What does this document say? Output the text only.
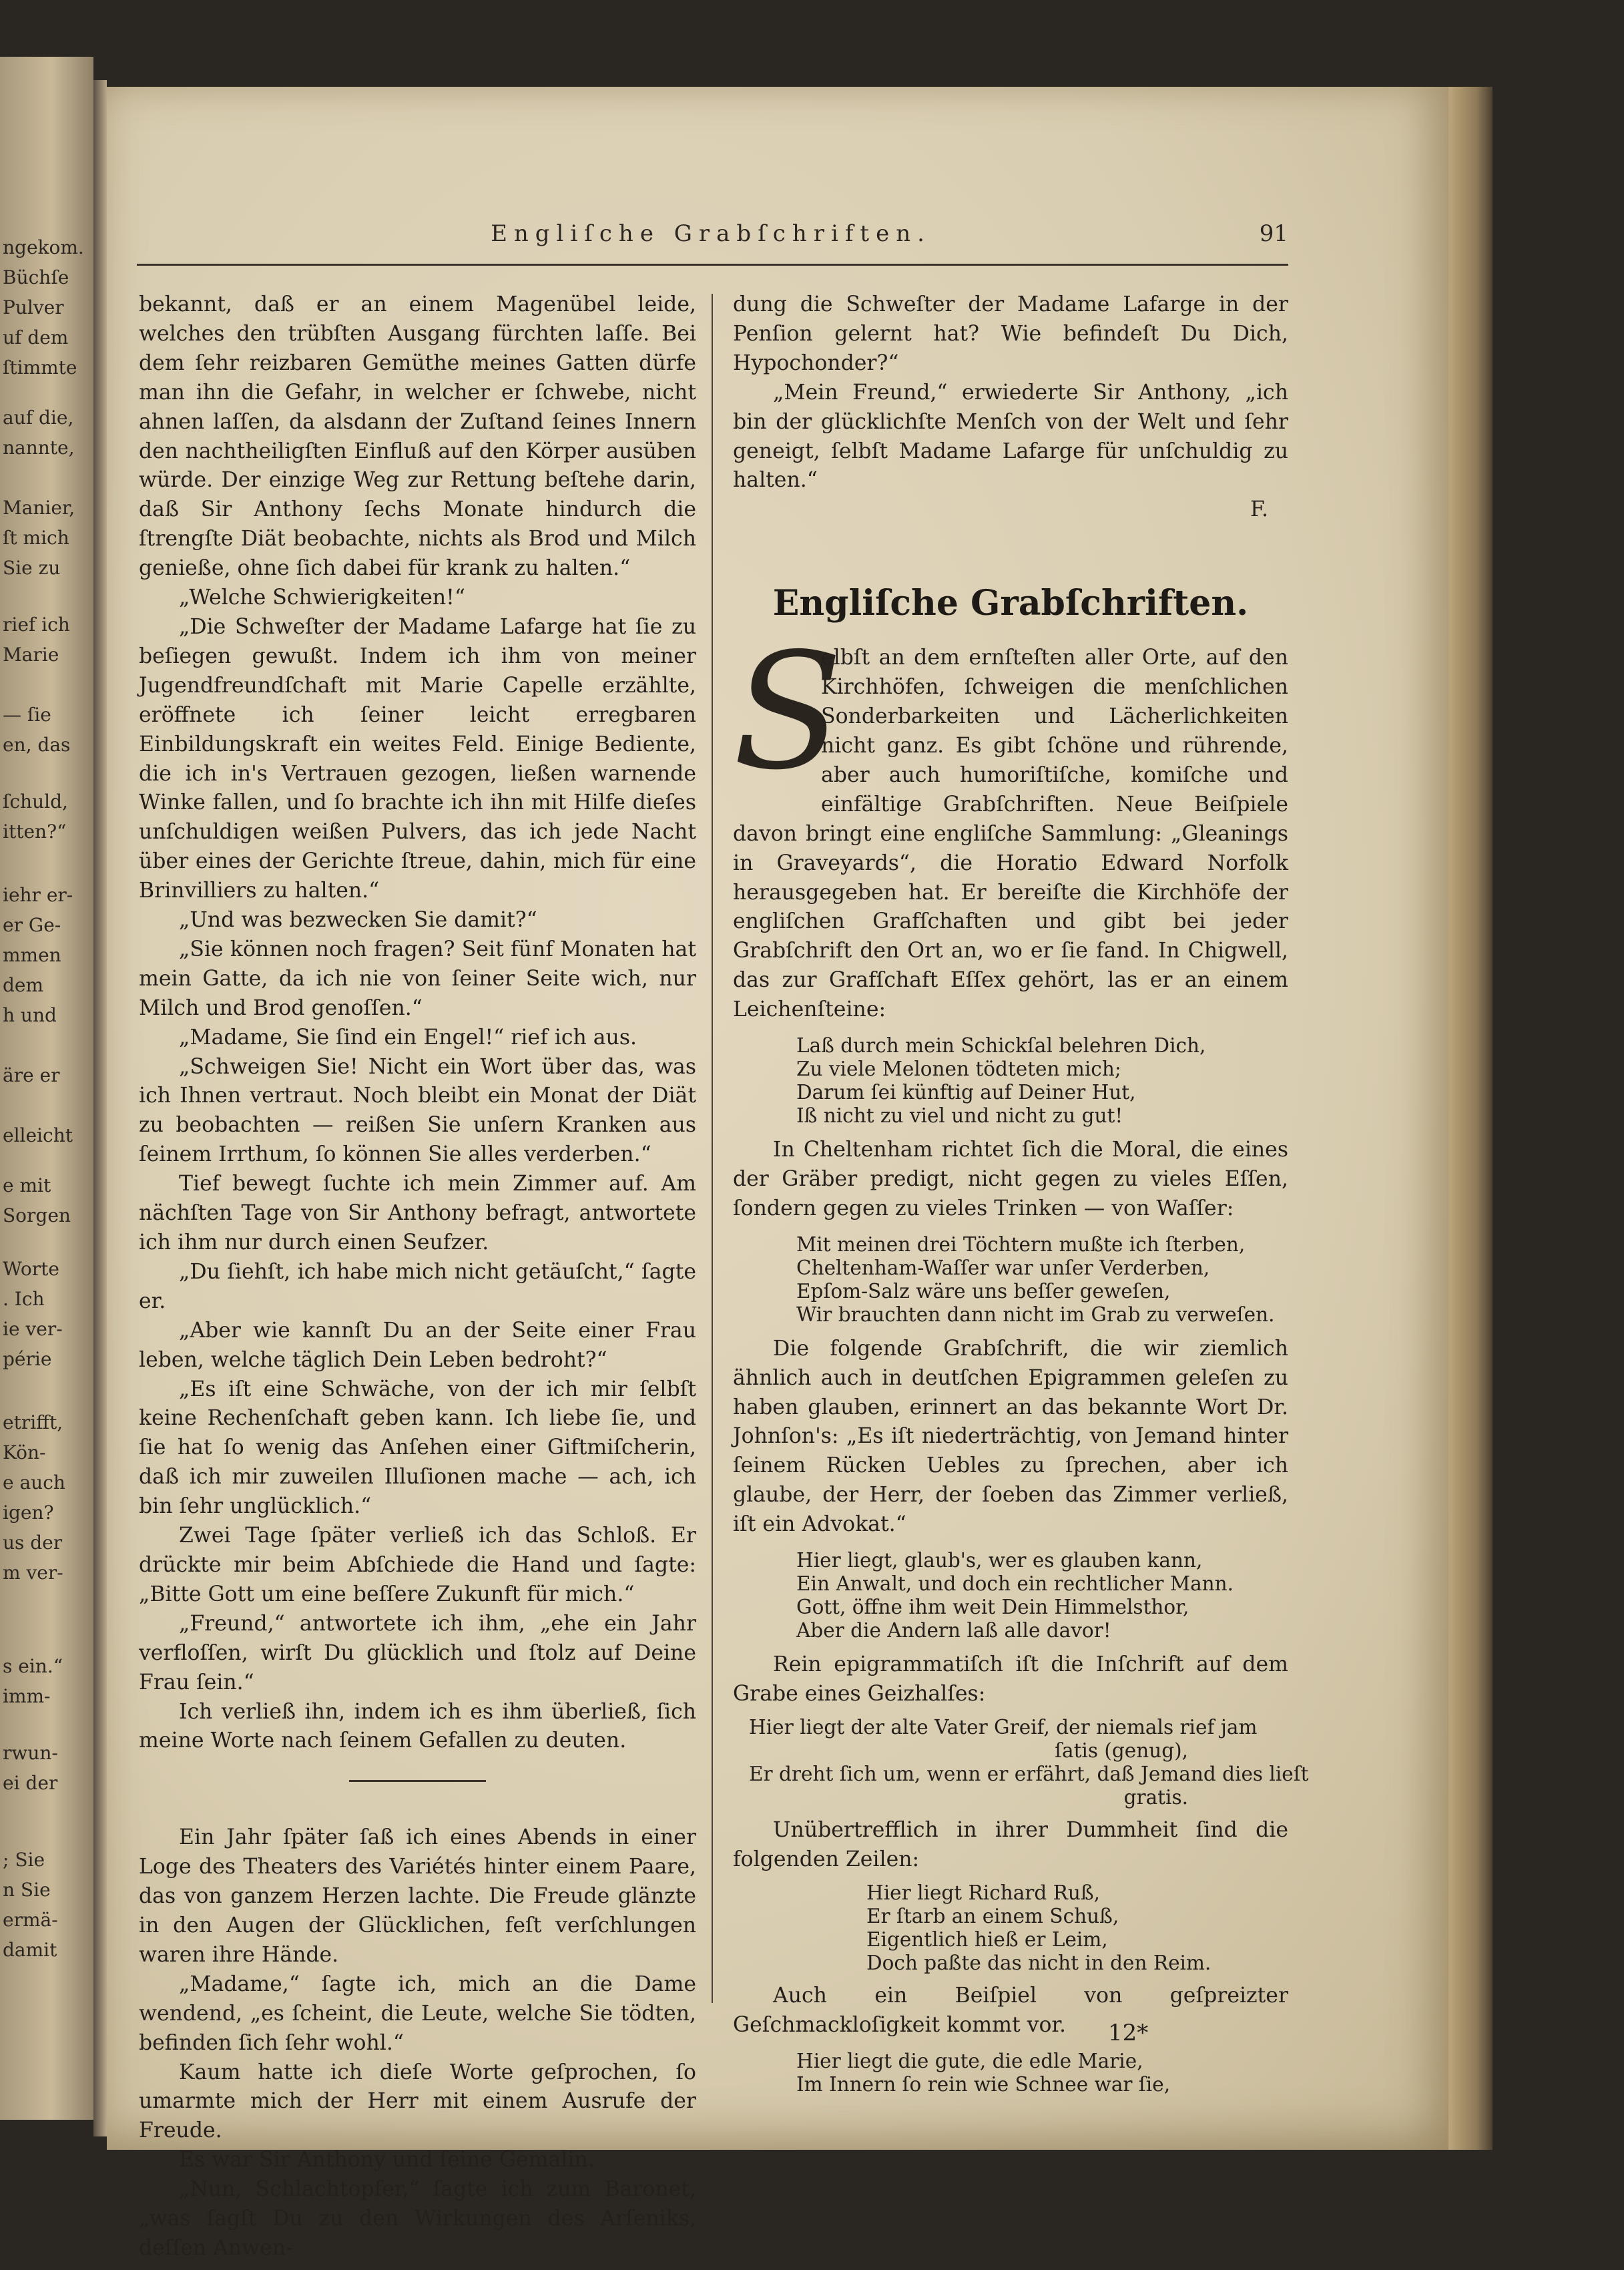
ngekom.
Büchſe
Pulver
uf dem
ſtimmte
auf die,
nannte,
Manier,
ſt mich
Sie zu
rief ich
Marie
— ſie
en, das
ſchuld,
itten?“
iehr er-
er Ge-
mmen
dem
h und
äre er
elleicht
e mit
Sorgen
Worte
. Ich
ie ver-
périe
etrifft,
Kön-
e auch
igen?
us der
m ver-
s ein.“
imm-
rwun-
ei der
; Sie
n Sie
ermä-
damit
Engliſche Grabſchriften.	91

bekannt, daß er an einem Magenübel leide, welches den trübſten Ausgang fürchten laſſe. Bei dem ſehr reizbaren Gemüthe meines Gatten dürfe man ihn die Gefahr, in welcher er ſchwebe, nicht ahnen laſſen, da alsdann der Zuſtand ſeines Innern den nachtheiligſten Einfluß auf den Körper ausüben würde. Der einzige Weg zur Rettung beſtehe darin, daß Sir Anthony ſechs Monate hindurch die ſtrengſte Diät beobachte, nichts als Brod und Milch genieße, ohne ſich dabei für krank zu halten.“

„Welche Schwierigkeiten!“

„Die Schweſter der Madame Lafarge hat ſie zu beſiegen gewußt. Indem ich ihm von meiner Jugendfreundſchaft mit Marie Capelle erzählte, eröffnete ich ſeiner leicht erregbaren Einbildungskraft ein weites Feld. Einige Bediente, die ich in's Vertrauen gezogen, ließen warnende Winke fallen, und ſo brachte ich ihn mit Hilfe dieſes unſchuldigen weißen Pulvers, das ich jede Nacht über eines der Gerichte ſtreue, dahin, mich für eine Brinvilliers zu halten.“

„Und was bezwecken Sie damit?“

„Sie können noch fragen? Seit fünf Monaten hat mein Gatte, da ich nie von ſeiner Seite wich, nur Milch und Brod genoſſen.“

„Madame, Sie ſind ein Engel!“ rief ich aus.

„Schweigen Sie! Nicht ein Wort über das, was ich Ihnen vertraut. Noch bleibt ein Monat der Diät zu beobachten — reißen Sie unſern Kranken aus ſeinem Irrthum, ſo können Sie alles verderben.“

Tief bewegt ſuchte ich mein Zimmer auf. Am nächſten Tage von Sir Anthony befragt, antwortete ich ihm nur durch einen Seufzer.

„Du ſiehſt, ich habe mich nicht getäuſcht,“ ſagte er.

„Aber wie kannſt Du an der Seite einer Frau leben, welche täglich Dein Leben bedroht?“

„Es iſt eine Schwäche, von der ich mir ſelbſt keine Rechenſchaft geben kann. Ich liebe ſie, und ſie hat ſo wenig das Anſehen einer Giftmiſcherin, daß ich mir zuweilen Illuſionen mache — ach, ich bin ſehr unglücklich.“

Zwei Tage ſpäter verließ ich das Schloß. Er drückte mir beim Abſchiede die Hand und ſagte: „Bitte Gott um eine beſſere Zukunft für mich.“

„Freund,“ antwortete ich ihm, „ehe ein Jahr verfloſſen, wirſt Du glücklich und ſtolz auf Deine Frau ſein.“

Ich verließ ihn, indem ich es ihm überließ, ſich meine Worte nach ſeinem Gefallen zu deuten.

Ein Jahr ſpäter ſaß ich eines Abends in einer Loge des Theaters des Variétés hinter einem Paare, das von ganzem Herzen lachte. Die Freude glänzte in den Augen der Glücklichen, feſt verſchlungen waren ihre Hände.

„Madame,“ ſagte ich, mich an die Dame wendend, „es ſcheint, die Leute, welche Sie tödten, befinden ſich ſehr wohl.“

Kaum hatte ich dieſe Worte geſprochen, ſo umarmte mich der Herr mit einem Ausrufe der Freude.

Es war Sir Anthony und ſeine Gemalin.

„Nun, Schlachtopfer,“ ſagte ich zum Baronet, „was ſagſt Du zu den Wirkungen des Arſeniks, deſſen Anwen-

dung die Schweſter der Madame Lafarge in der Penſion gelernt hat? Wie befindeſt Du Dich, Hypochonder?“

„Mein Freund,“ erwiederte Sir Anthony, „ich bin der glücklichſte Menſch von der Welt und ſehr geneigt, ſelbſt Madame Lafarge für unſchuldig zu halten.“

F.
Engliſche Grabſchriften.

S
elbſt an dem ernſteſten aller Orte, auf den Kirchhöfen, ſchweigen die menſchlichen Sonderbarkeiten und Lächerlichkeiten nicht ganz. Es gibt ſchöne und rührende, aber auch humoriſtiſche, komiſche und einfältige Grabſchriften. Neue Beiſpiele davon bringt eine engliſche Sammlung: „Gleanings in Graveyards“, die Horatio Edward Norfolk herausgegeben hat. Er bereiſte die Kirchhöfe der engliſchen Grafſchaften und gibt bei jeder Grabſchrift den Ort an, wo er ſie fand. In Chigwell, das zur Grafſchaft Eſſex gehört, las er an einem Leichenſteine:

Laß durch mein Schickſal belehren Dich,
Zu viele Melonen tödteten mich;
Darum ſei künftig auf Deiner Hut,
Iß nicht zu viel und nicht zu gut!

In Cheltenham richtet ſich die Moral, die eines der Gräber predigt, nicht gegen zu vieles Eſſen, ſondern gegen zu vieles Trinken — von Waſſer:

Mit meinen drei Töchtern mußte ich ſterben,
Cheltenham-Waſſer war unſer Verderben,
Epſom-Salz wäre uns beſſer geweſen,
Wir brauchten dann nicht im Grab zu verweſen.

Die folgende Grabſchrift, die wir ziemlich ähnlich auch in deutſchen Epigrammen geleſen zu haben glauben, erinnert an das bekannte Wort Dr. Johnſon's: „Es iſt niederträchtig, von Jemand hinter ſeinem Rücken Uebles zu ſprechen, aber ich glaube, der Herr, der ſoeben das Zimmer verließ, iſt ein Advokat.“

Hier liegt, glaub's, wer es glauben kann,
Ein Anwalt, und doch ein rechtlicher Mann.
Gott, öffne ihm weit Dein Himmelsthor,
Aber die Andern laß alle davor!

Rein epigrammatiſch iſt die Inſchrift auf dem Grabe eines Geizhalſes:

Hier liegt der alte Vater Greif, der niemals rief jam
ſatis (genug),
Er dreht ſich um, wenn er erfährt, daß Jemand dies lieſt
gratis.

Unübertrefflich in ihrer Dummheit ſind die folgenden Zeilen:

Hier liegt Richard Ruß,
Er ſtarb an einem Schuß,
Eigentlich hieß er Leim,
Doch paßte das nicht in den Reim.

Auch ein Beiſpiel von geſpreizter Geſchmackloſigkeit kommt vor.

Hier liegt die gute, die edle Marie,
Im Innern ſo rein wie Schnee war ſie,
12*
